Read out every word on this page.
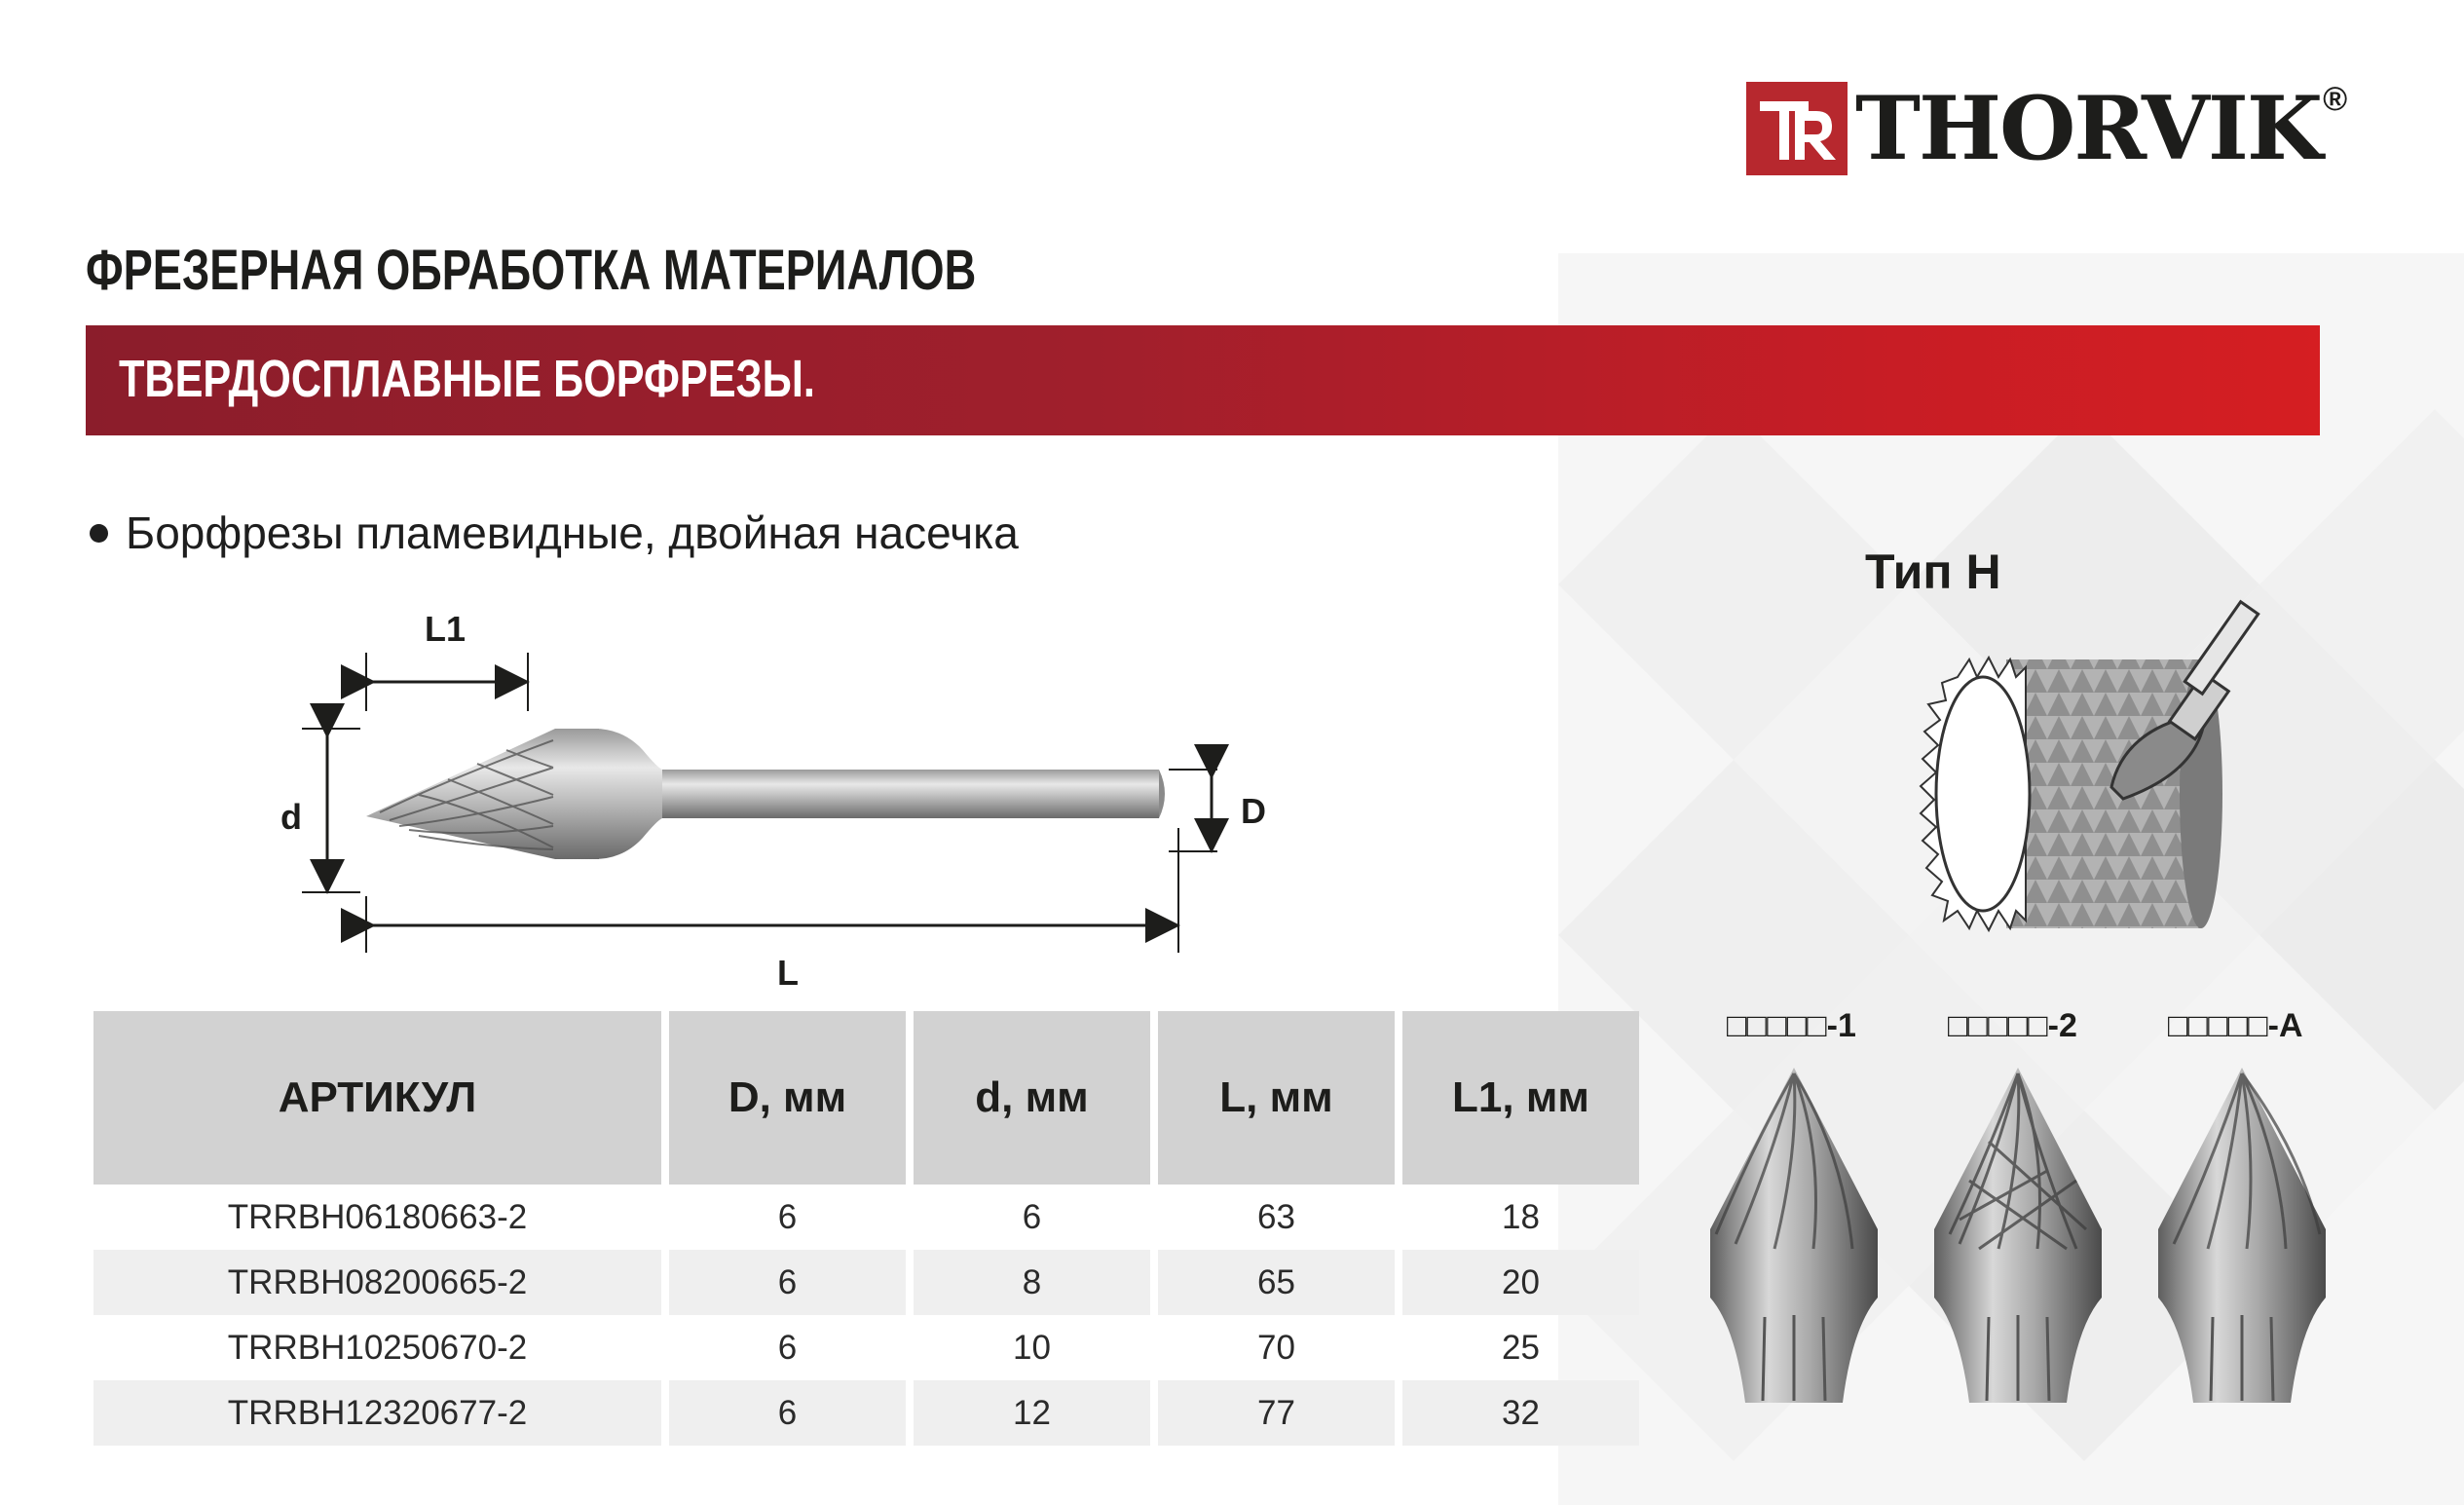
THORVIK ®
ФРЕЗЕРНАЯ ОБРАБОТКА МАТЕРИАЛОВ
ТВЕРДОСПЛАВНЫЕ БОРФРЕЗЫ.
Борфрезы пламевидные, двойная насечка
L1
d	D
L
АРТИКУЛ	D, мм	d, мм	L, мм	L1, мм
TRRBH06180663-2	6	6	63	18
TRRBH08200665-2	6	8	65	20
TRRBH10250670-2	6	10	70	25
TRRBH12320677-2	6	12	77	32
Тип H
□□□□□-1	□□□□□-2	□□□□□-A
